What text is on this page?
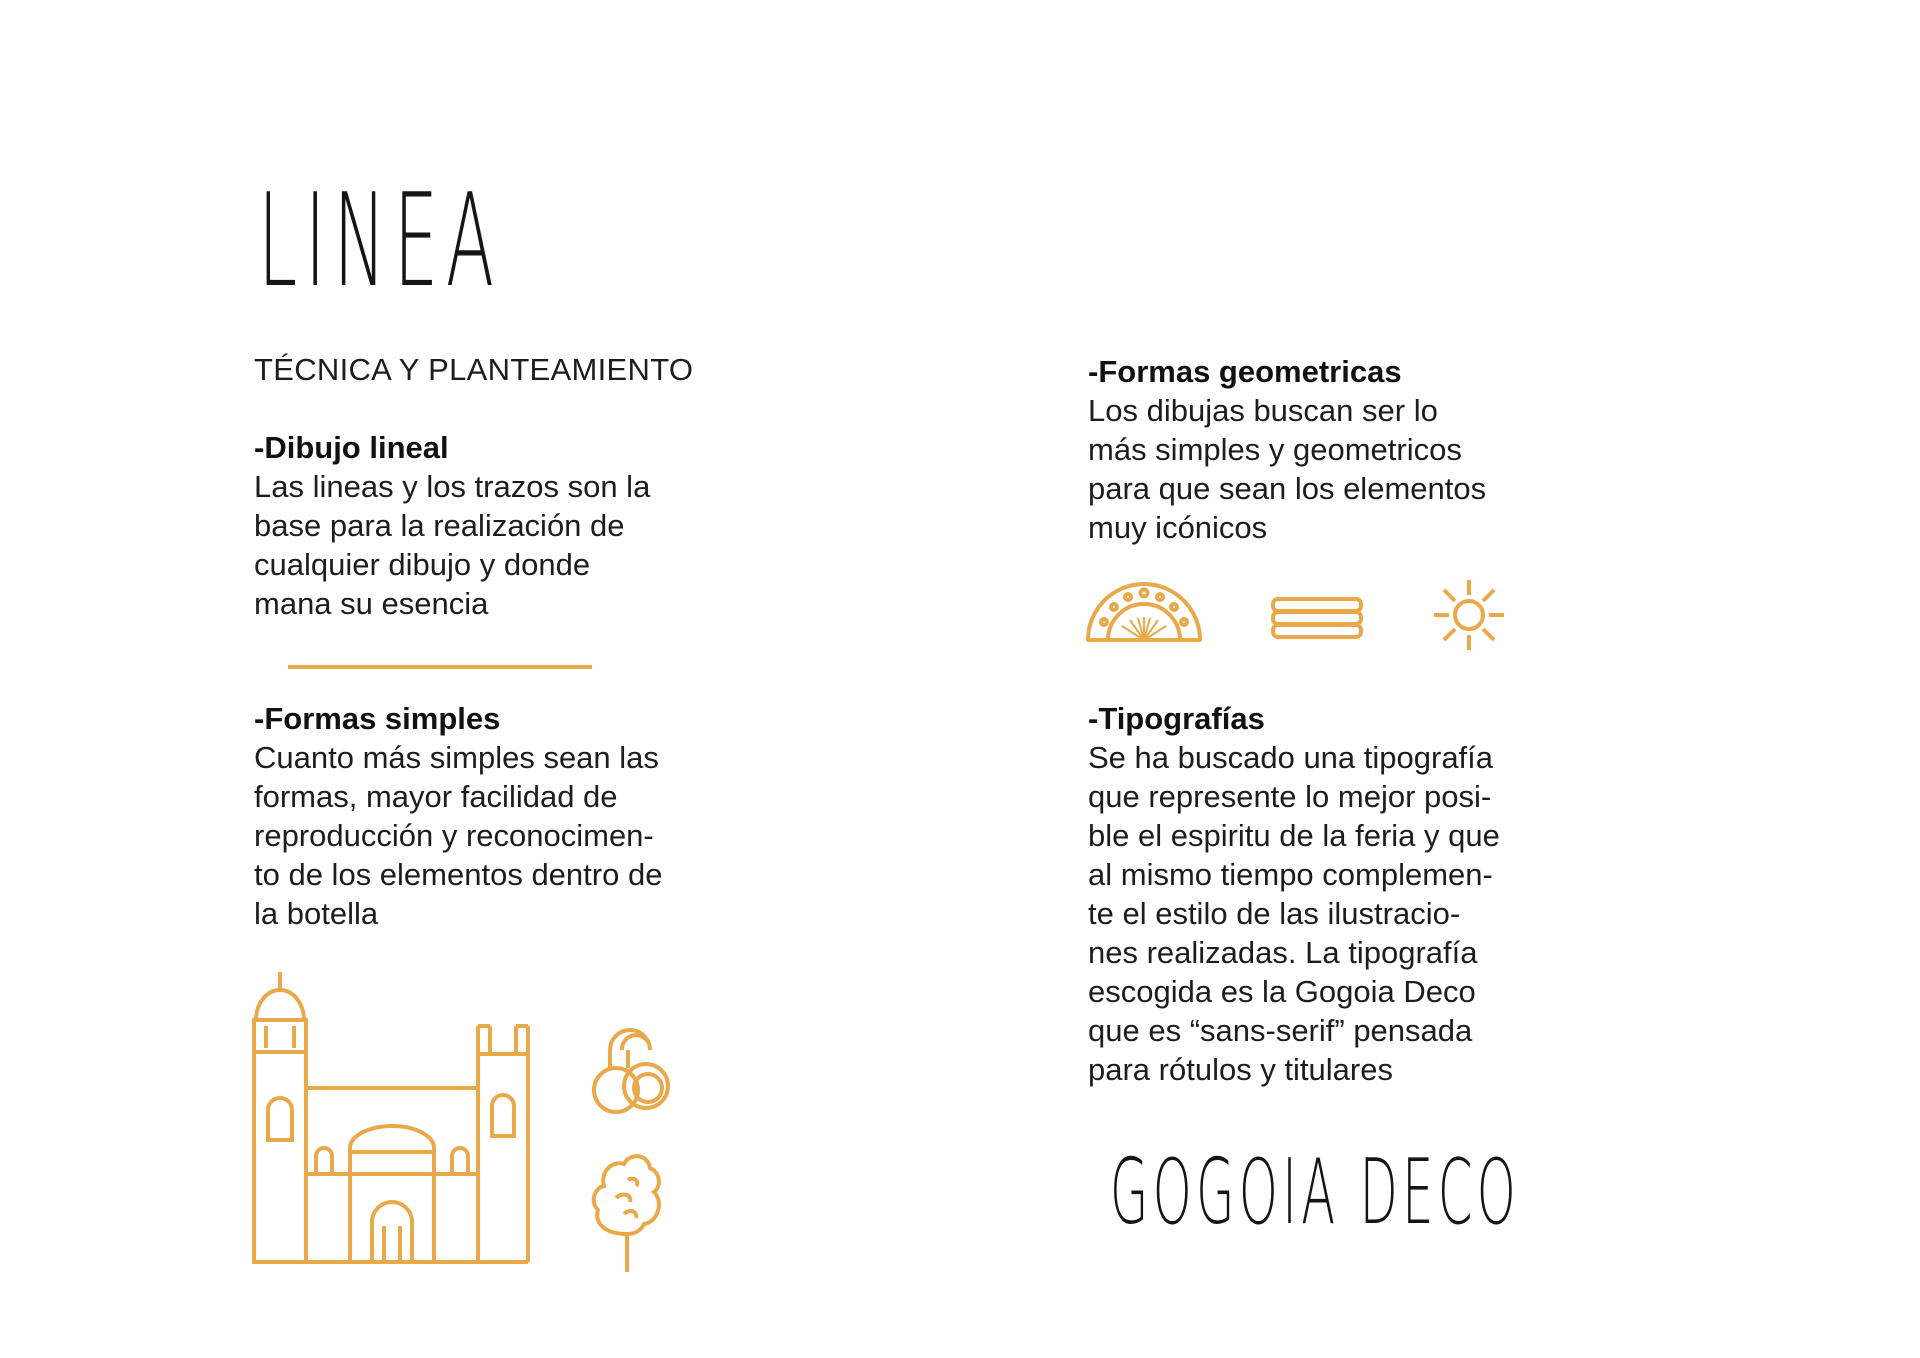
LINEA
TÉCNICA Y PLANTEAMIENTO
-Dibujo lineal
Las lineas y los trazos son la
base para la realización de
cualquier dibujo y donde
mana su esencia
-Formas simples
Cuanto más simples sean las
formas, mayor facilidad de
reproducción y reconocimen-
to de los elementos dentro de
la botella
-Formas geometricas
Los dibujas buscan ser lo
más simples y geometricos
para que sean los elementos
muy icónicos
-Tipografías
Se ha buscado una tipografía
que represente lo mejor posi-
ble el espiritu de la feria y que
al mismo tiempo complemen-
te el estilo de las ilustracio-
nes realizadas. La tipografía
escogida es la Gogoia Deco
que es “sans-serif” pensada
para rótulos y titulares
GOGOIA DECO
